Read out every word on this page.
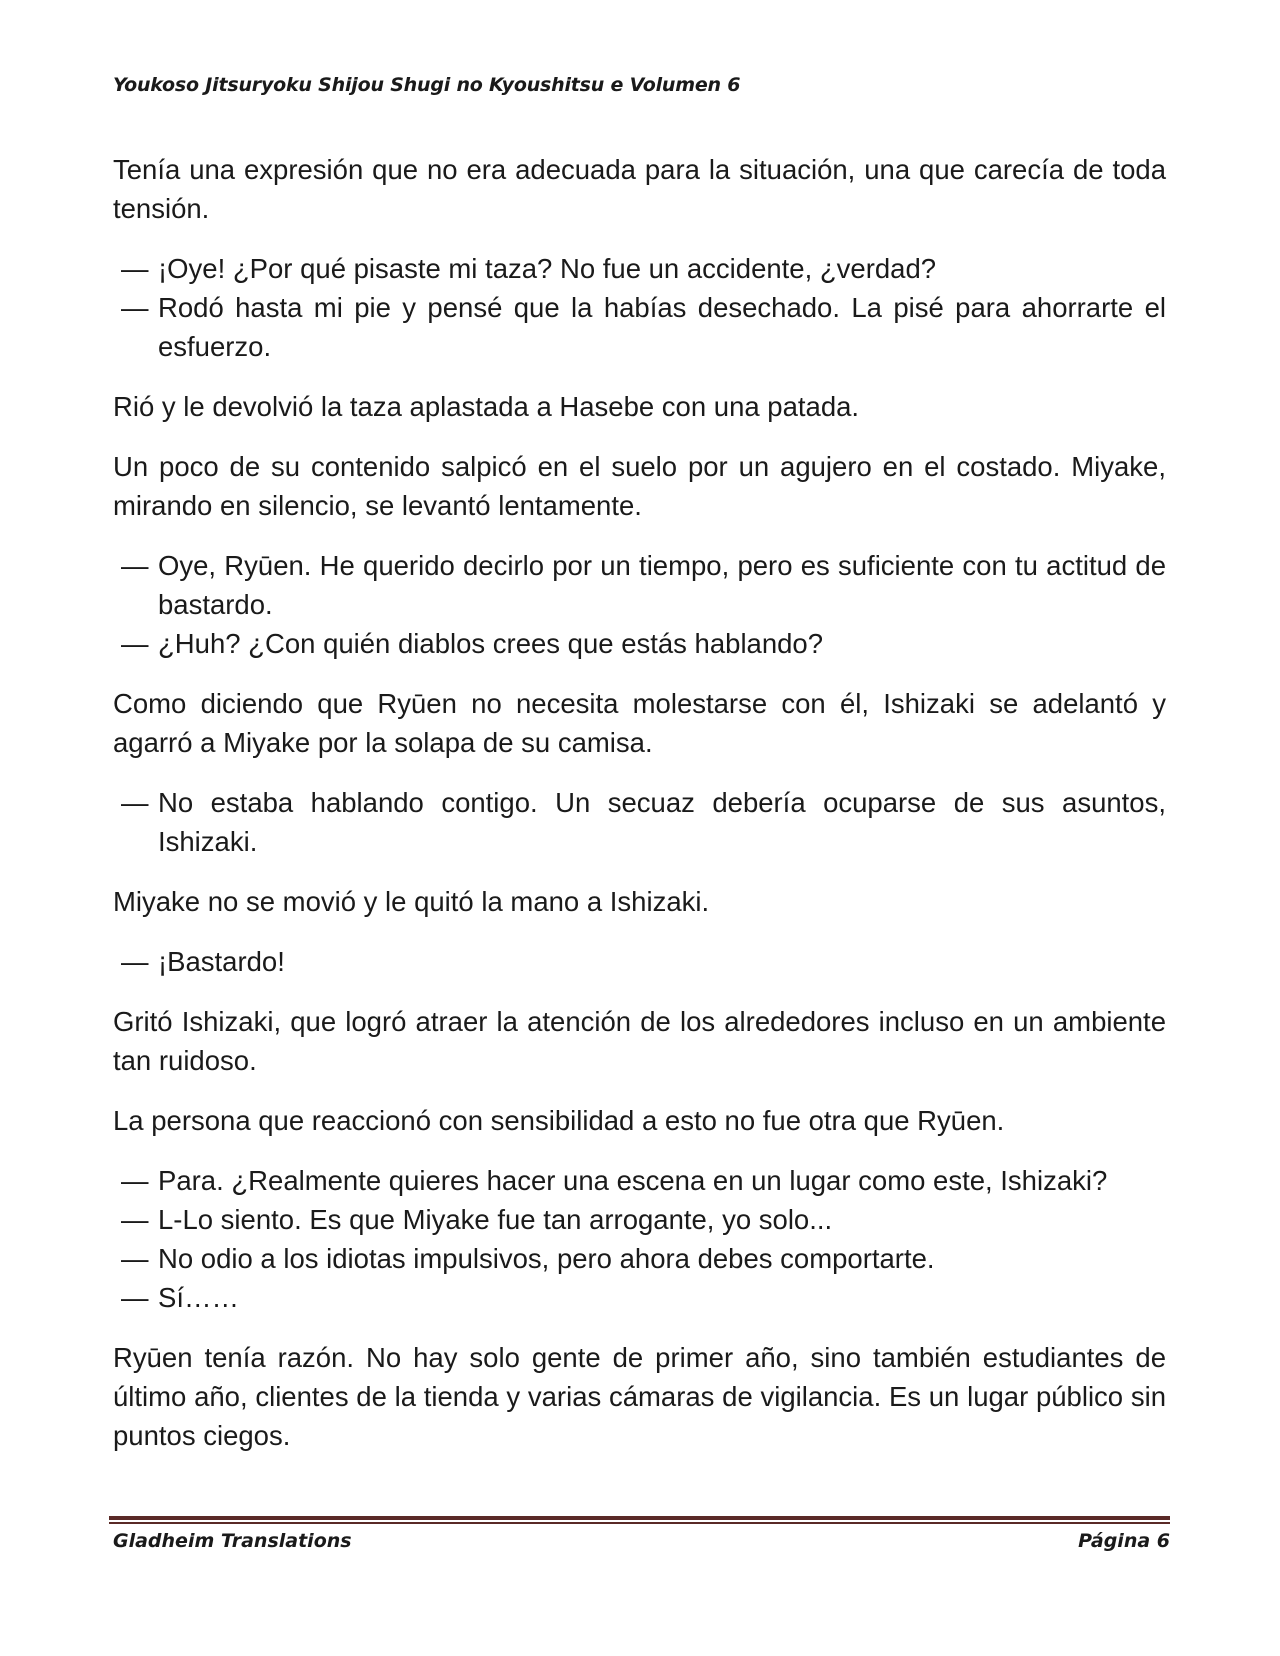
Youkoso Jitsuryoku Shijou Shugi no Kyoushitsu e Volumen 6

Tenía una expresión que no era adecuada para la situación, una que carecía de toda tensión.

— ¡Oye! ¿Por qué pisaste mi taza? No fue un accidente, ¿verdad?

— Rodó hasta mi pie y pensé que la habías desechado. La pisé para ahorrarte el esfuerzo.

Rió y le devolvió la taza aplastada a Hasebe con una patada.

Un poco de su contenido salpicó en el suelo por un agujero en el costado. Miyake, mirando en silencio, se levantó lentamente.

— Oye, Ryūen. He querido decirlo por un tiempo, pero es suficiente con tu actitud de bastardo.

— ¿Huh? ¿Con quién diablos crees que estás hablando?

Como diciendo que Ryūen no necesita molestarse con él, Ishizaki se adelantó y agarró a Miyake por la solapa de su camisa.

— No estaba hablando contigo. Un secuaz debería ocuparse de sus asuntos, Ishizaki.

Miyake no se movió y le quitó la mano a Ishizaki.

— ¡Bastardo!

Gritó Ishizaki, que logró atraer la atención de los alrededores incluso en un ambiente tan ruidoso.

La persona que reaccionó con sensibilidad a esto no fue otra que Ryūen.

— Para. ¿Realmente quieres hacer una escena en un lugar como este, Ishizaki?

— L-Lo siento. Es que Miyake fue tan arrogante, yo solo...

— No odio a los idiotas impulsivos, pero ahora debes comportarte.

— Sí……

Ryūen tenía razón. No hay solo gente de primer año, sino también estudiantes de último año, clientes de la tienda y varias cámaras de vigilancia. Es un lugar público sin puntos ciegos.

Gladheim Translations	Página 6
